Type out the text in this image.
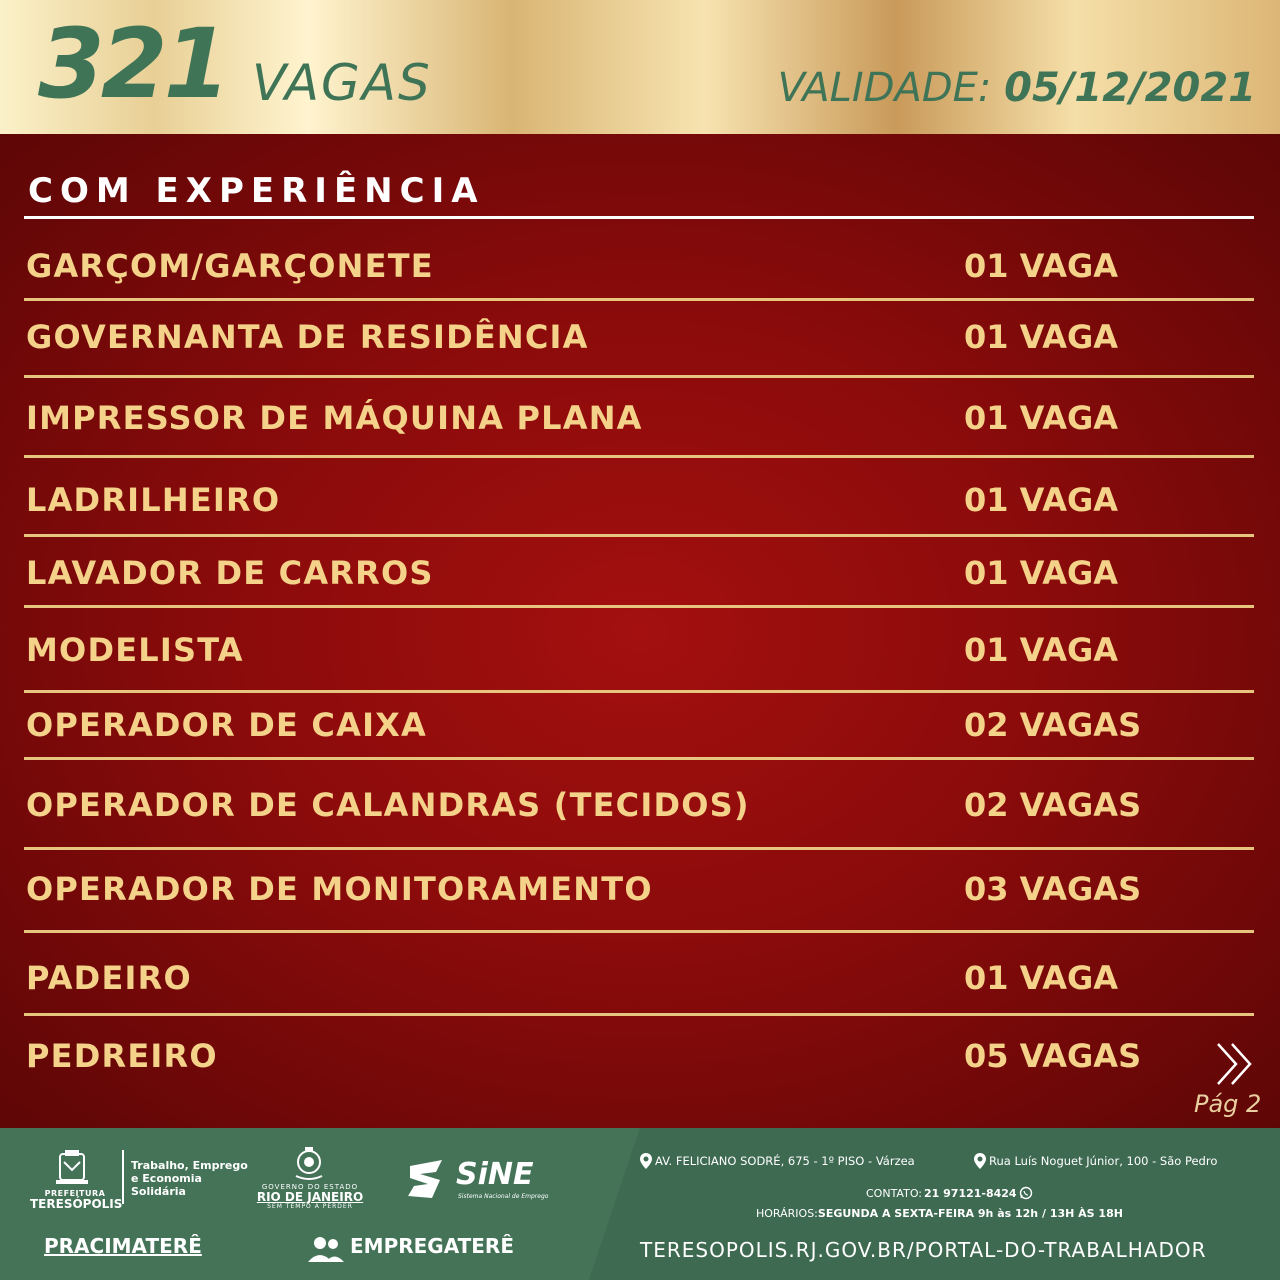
321 VAGAS	VALIDADE: 05/12/2021
COM EXPERIÊNCIA
GARÇOM/GARÇONETE	01 VAGA
GOVERNANTA DE RESIDÊNCIA	01 VAGA
IMPRESSOR DE MÁQUINA PLANA	01 VAGA
LADRILHEIRO	01 VAGA
LAVADOR DE CARROS	01 VAGA
MODELISTA	01 VAGA
OPERADOR DE CAIXA	02 VAGAS
OPERADOR DE CALANDRAS (TECIDOS)	02 VAGAS
OPERADOR DE MONITORAMENTO	03 VAGAS
PADEIRO	01 VAGA
PEDREIRO	05 VAGAS
Pág 2
PREFEITURA
TERESÓPOLIS
Trabalho, Emprego
e Economia
Solidária	GOVERNO DO ESTADO
RIO DE JANEIRO
SEM TEMPO A PERDER
SiNE
Sistema Nacional de Emprego
PRACIMATERÊ	EMPREGATERÊ
AV. FELICIANO SODRÉ, 675 - 1º PISO - Várzea	Rua Luís Noguet Júnior, 100 - São Pedro
CONTATO: 21 97121-8424
HORÁRIOS:SEGUNDA A SEXTA-FEIRA 9h às 12h / 13H ÀS 18H
TERESOPOLIS.RJ.GOV.BR/PORTAL-DO-TRABALHADOR
